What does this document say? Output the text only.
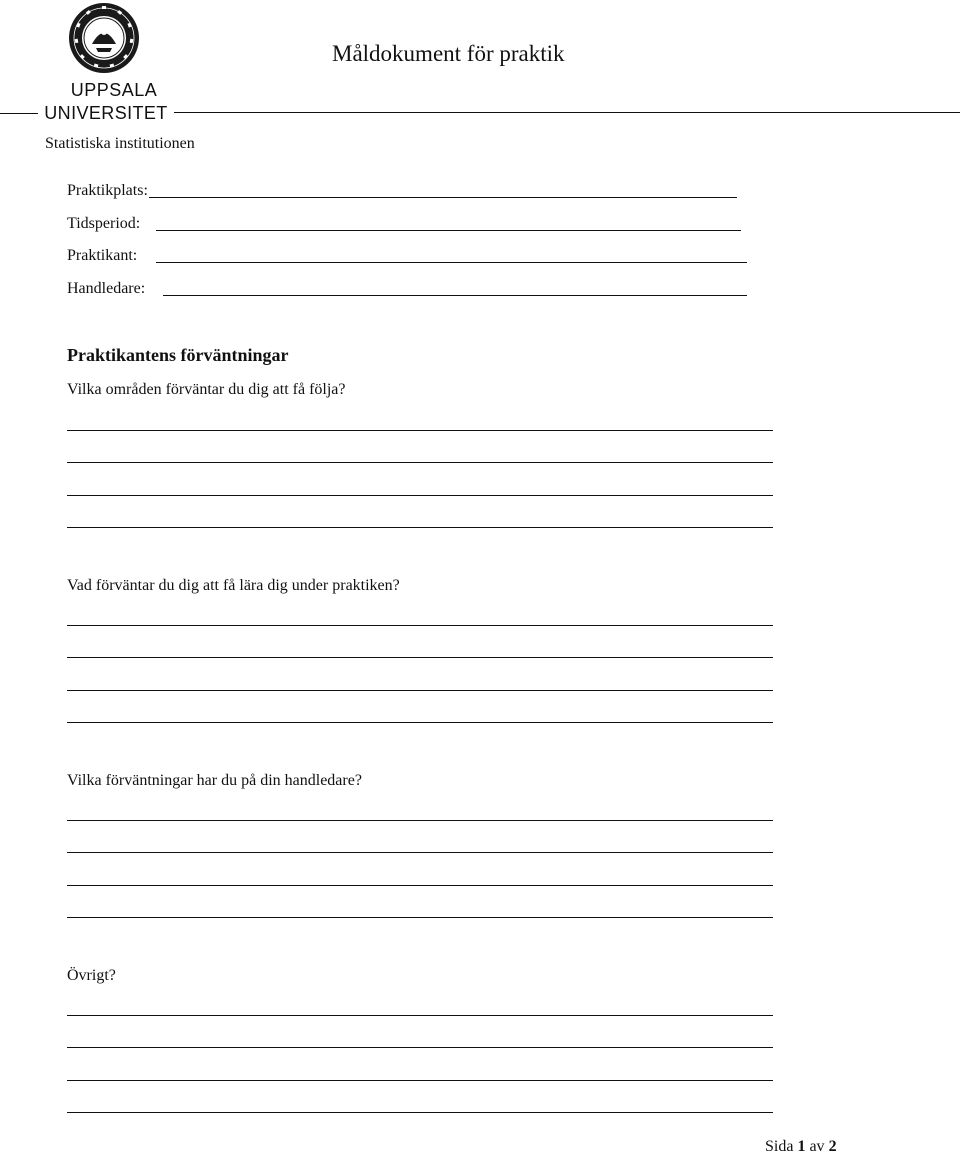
UPPSALA
UNIVERSITET
Statistiska institutionen
Måldokument för praktik
Praktikplats:
Tidsperiod:
Praktikant:
Handledare:
Praktikantens förväntningar
Vilka områden förväntar du dig att få följa?
Vad förväntar du dig att få lära dig under praktiken?
Vilka förväntningar har du på din handledare?
Övrigt?
Sida 1 av 2
